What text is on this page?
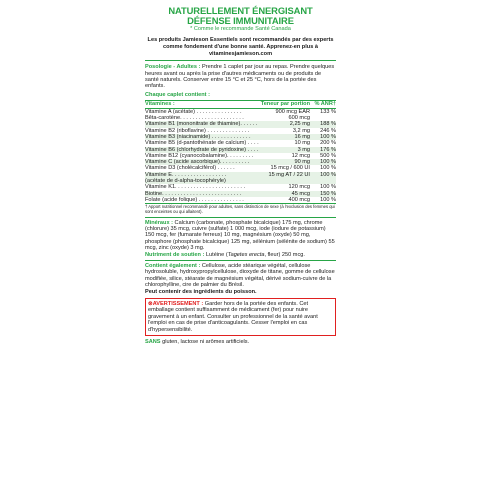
NATURELLEMENT ÉNERGISANT
DÉFENSE IMMUNITAIRE
* Comme le recommande Santé Canada
Les produits Jamieson Essentiels sont recommandés par des experts comme fondement d'une bonne santé. Apprenez-en plus à vitaminesjamieson.com
Posologie - Adultes : Prendre 1 caplet par jour au repas. Prendre quelques heures avant ou après la prise d'autres médicaments ou de produits de santé naturels. Conserver entre 15 °C et 25 °C, hors de la portée des enfants.
Chaque caplet contient :
Vitamines :	Teneur par portion % ANR†
Vitamine A (acétate) . . . . . . . . . . . . . . .	900 mcg EAR	133 %
Bêta-carotène. . . . . . . . . . . . . . . . . . . . .	600 mcg
Vitamine B1 (mononitrate de thiamine). . . . . .	2,25 mg	188 %
Vitamine B2 (riboflavine) . . . . . . . . . . . . . .	3,2 mg	246 %
Vitamine B3 (niacinamide) . . . . . . . . . . . . .	16 mg	100 %
Vitamine B5 (d-pantothénate de calcium) . . . .	10 mg	200 %
Vitamine B6 (chlorhydrate de pyridoxine) . . . .	3 mg	176 %
Vitamine B12 (cyanocobalamine). . . . . . . . .	12 mcg	500 %
Vitamine C (acide ascorbique). . . . . . . . . .	90 mg	100 %
Vitamine D3 (cholécalciférol) . . . . . .	15 mcg / 600 UI	100 %
Vitamine E. . . . . . . . . . . . . . . . . .	15 mg AT / 22 UI	100 %
(acétate de d-alpha-tocophéryle)
Vitamine K1. . . . . . . . . . . . . . . . . . . . . . .	120 mcg	100 %
Biotine. . . . . . . . . . . . . . . . . . . . . . . . . .	45 mcg	150 %
Folate (acide folique) . . . . . . . . . . . . . . .	400 mcg	100 %
† Apport nutritionnel recommandé pour adultes, sans distinction de sexe (à l'exclusion des femmes qui sont enceintes ou qui allaitent).
Minéraux : Calcium (carbonate, phosphate bicalcique) 175 mg, chrome (chlorure) 35 mcg, cuivre (sulfate) 1 000 mcg, iode (iodure de potassium) 150 mcg, fer (fumarate ferreux) 10 mg, magnésium (oxyde) 50 mg, phosphore (phosphate bicalcique) 125 mg, sélénium (sélénite de sodium) 55 mcg, zinc (oxyde) 3 mg.
Nutriment de soutien : Lutéine (Tagetes erecta, fleur) 250 mcg.
Contient également : Cellulose, acide stéarique végétal, cellulose hydrosoluble, hydroxypropylcellulose, dioxyde de titane, gomme de cellulose modifiée, silice, stéarate de magnésium végétal, dérivé sodium-cuivre de la chlorophylline, cire de palmier du Brésil.
Peut contenir des ingrédients du poisson.
⊗AVERTISSEMENT : Garder hors de la portée des enfants. Cet emballage contient suffisamment de médicament (fer) pour nuire gravement à un enfant. Consulter un professionnel de la santé avant l'emploi en cas de prise d'anticoagulants. Cesser l'emploi en cas d'hypersensibilité.
SANS gluten, lactose ni arômes artificiels.
